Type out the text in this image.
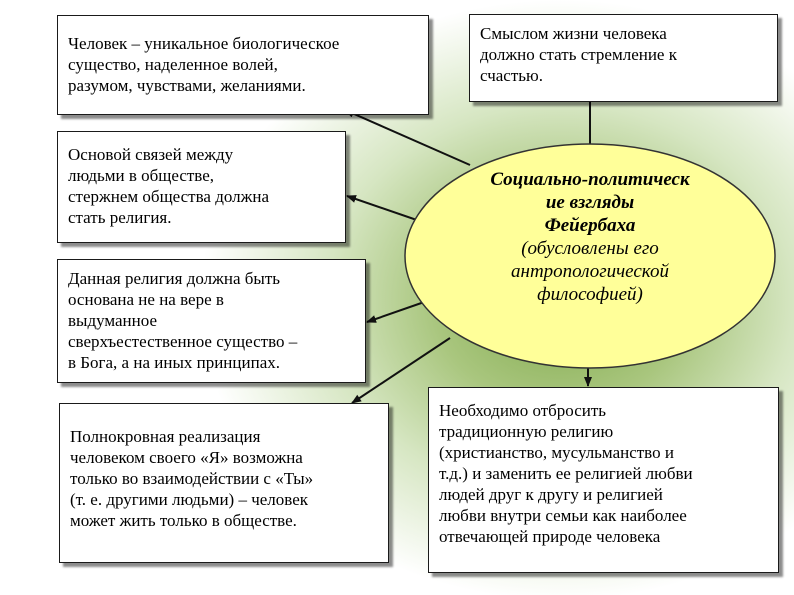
Социально-политическ
ие взгляды
Фейербаха
(обусловлены его
антропологической
философией)
Человек – уникальное биологическое
существо, наделенное волей,
разумом, чувствами, желаниями.
Смыслом жизни человека
должно стать стремление к
счастью.
Основой связей между
людьми в обществе,
стержнем общества должна
стать религия.
Данная религия должна быть
основана не на вере в
выдуманное
сверхъестественное существо –
в Бога, а на иных принципах.
Полнокровная реализация
человеком своего «Я» возможна
только во взаимодействии с «Ты»
(т. е. другими людьми) – человек
может жить только в обществе.
Необходимо отбросить
традиционную религию
(христианство, мусульманство и
т.д.) и заменить ее религией любви
людей друг к другу и религией
любви внутри семьи как наиболее
отвечающей природе человека
